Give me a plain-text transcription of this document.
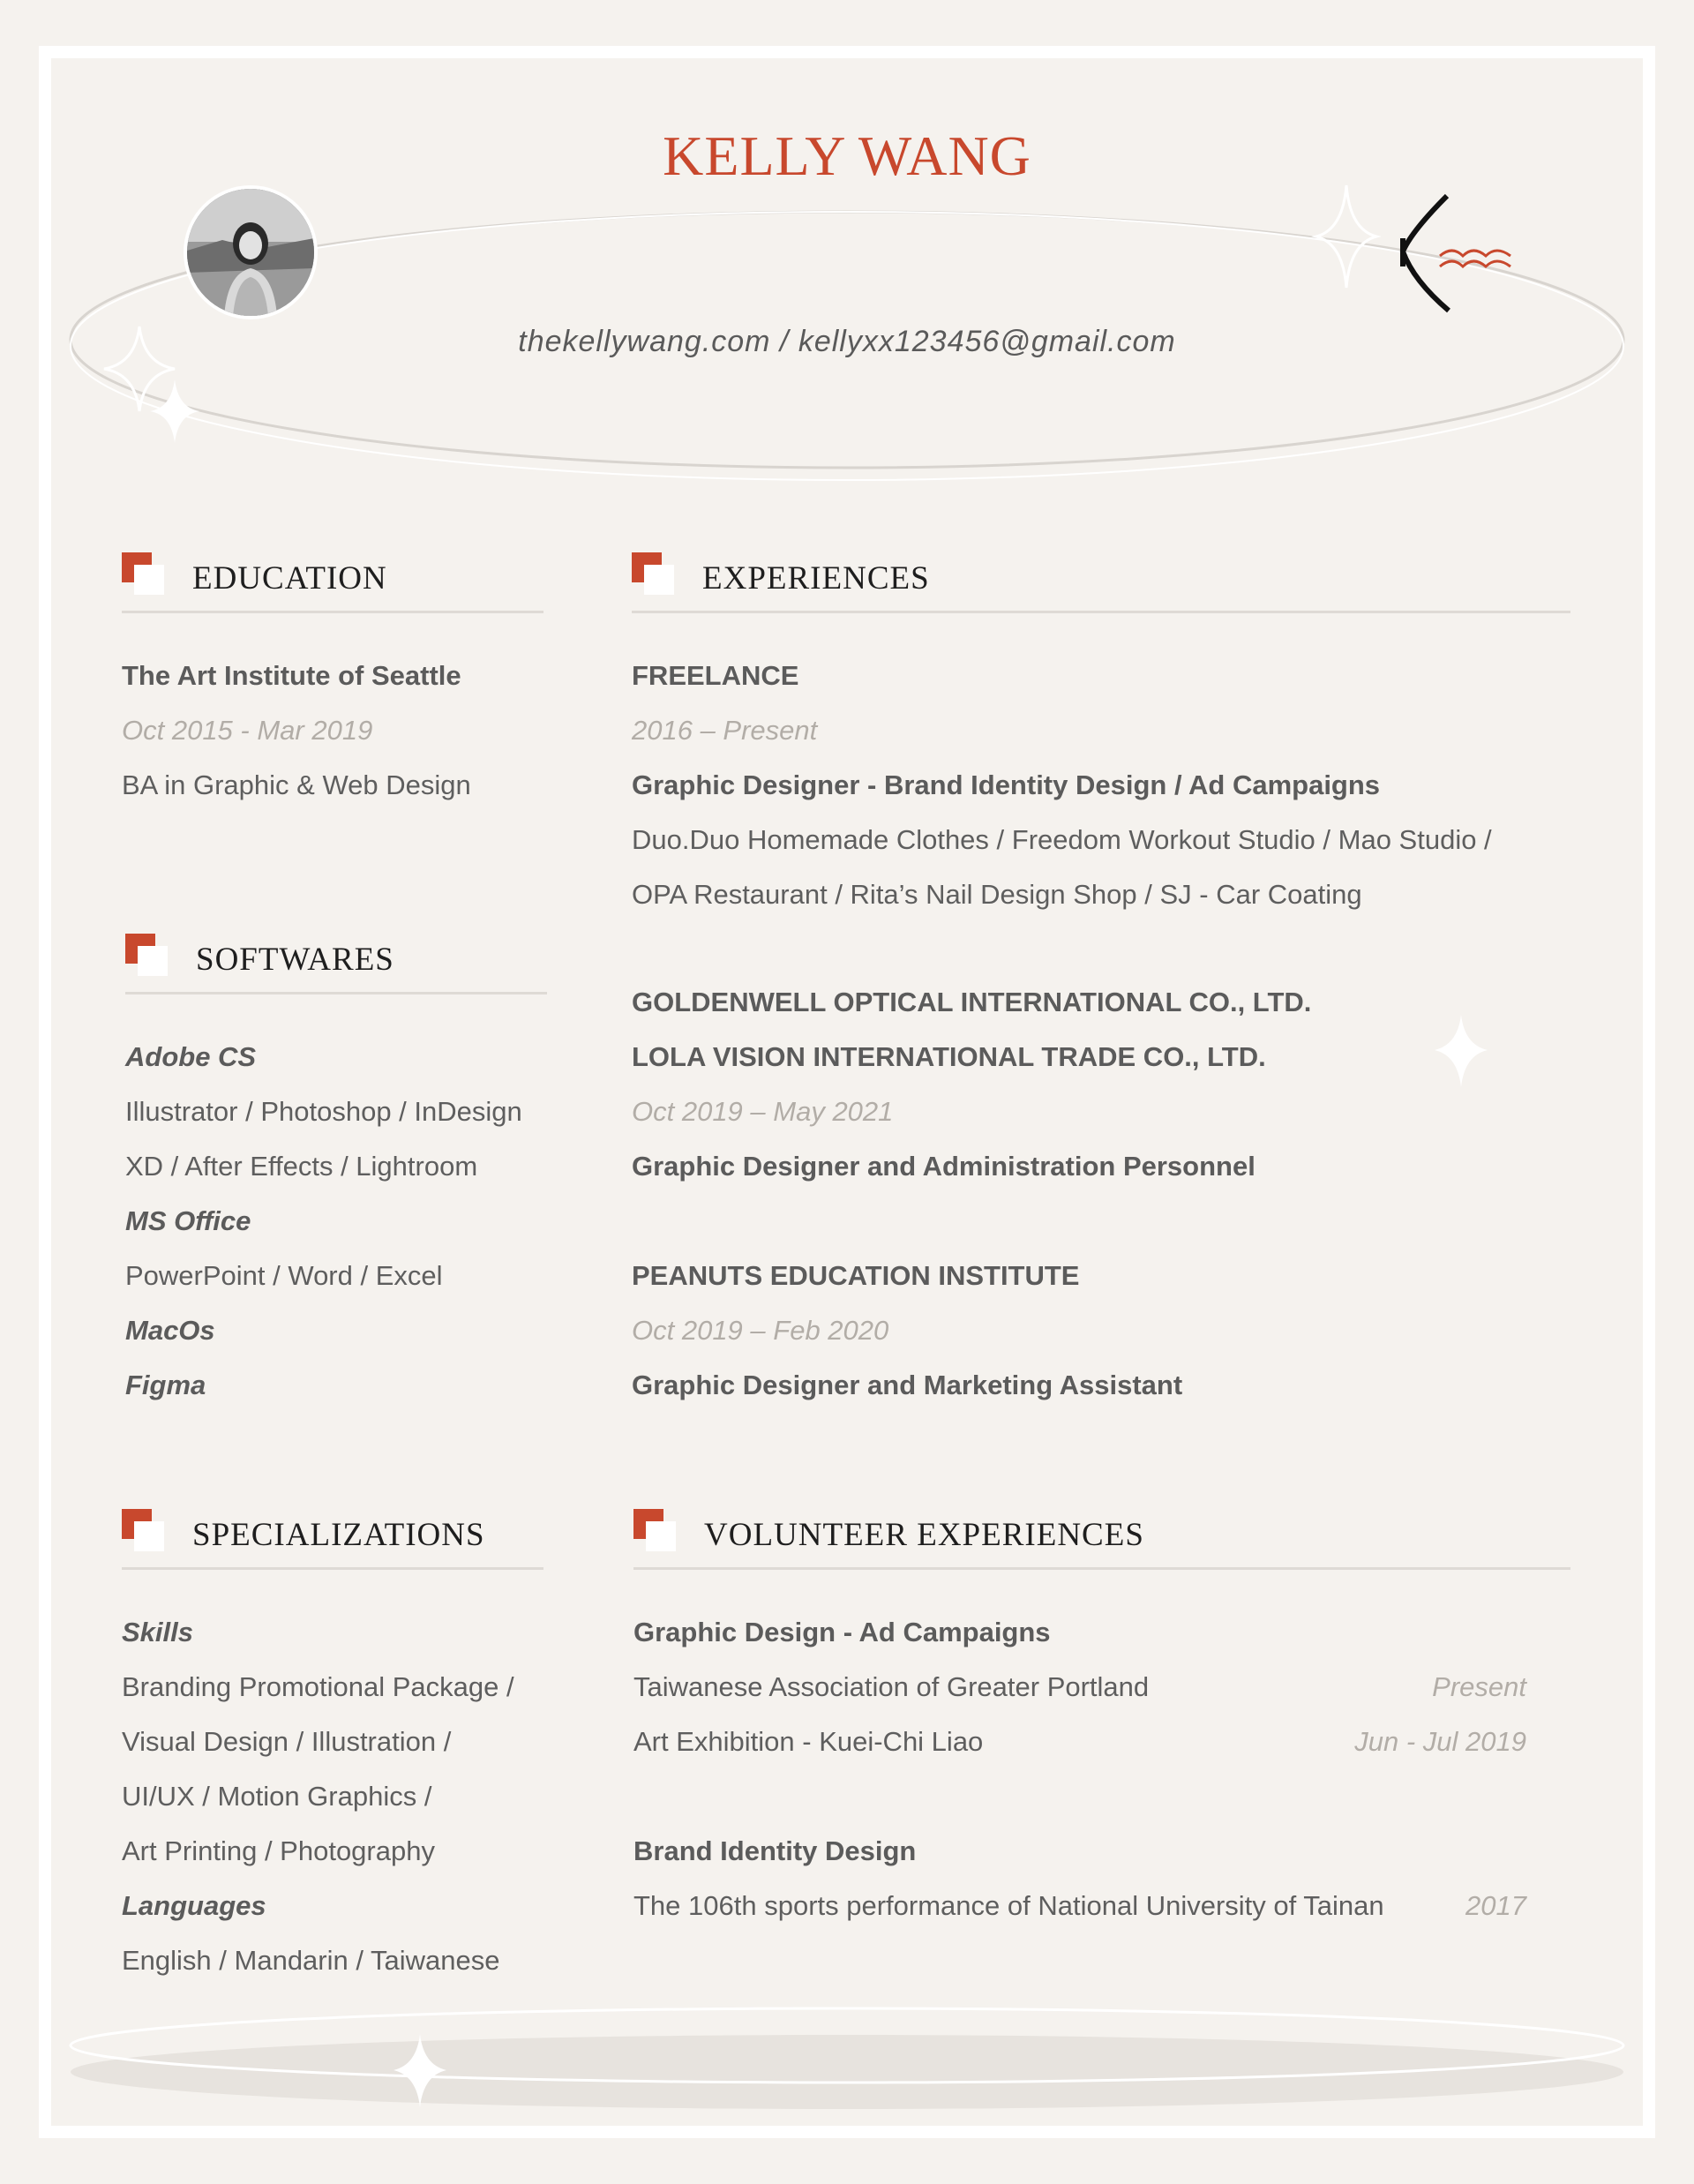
KELLY WANG
thekellywang.com / kellyxx123456@gmail.com
EDUCATION
The Art Institute of Seattle
Oct 2015 - Mar 2019
BA in Graphic & Web Design
SOFTWARES
Adobe CS
Illustrator / Photoshop / InDesign
XD / After Effects / Lightroom
MS Office
PowerPoint / Word / Excel
MacOs
Figma
SPECIALIZATIONS
Skills
Branding Promotional Package /
Visual Design / Illustration /
UI/UX / Motion Graphics /
Art Printing / Photography
Languages
English / Mandarin / Taiwanese
EXPERIENCES
FREELANCE
2016 – Present
Graphic Designer - Brand Identity Design / Ad Campaigns
Duo.Duo Homemade Clothes / Freedom Workout Studio / Mao Studio /
OPA Restaurant / Rita’s Nail Design Shop / SJ - Car Coating
GOLDENWELL OPTICAL INTERNATIONAL CO., LTD.
LOLA VISION INTERNATIONAL TRADE CO., LTD.
Oct 2019 – May 2021
Graphic Designer and Administration Personnel
PEANUTS EDUCATION INSTITUTE
Oct 2019 – Feb 2020
Graphic Designer and Marketing Assistant
VOLUNTEER EXPERIENCES
Graphic Design - Ad Campaigns
Taiwanese Association of Greater Portland	Present
Art Exhibition - Kuei-Chi Liao	Jun - Jul 2019
Brand Identity Design
The 106th sports performance of National University of Tainan	2017
